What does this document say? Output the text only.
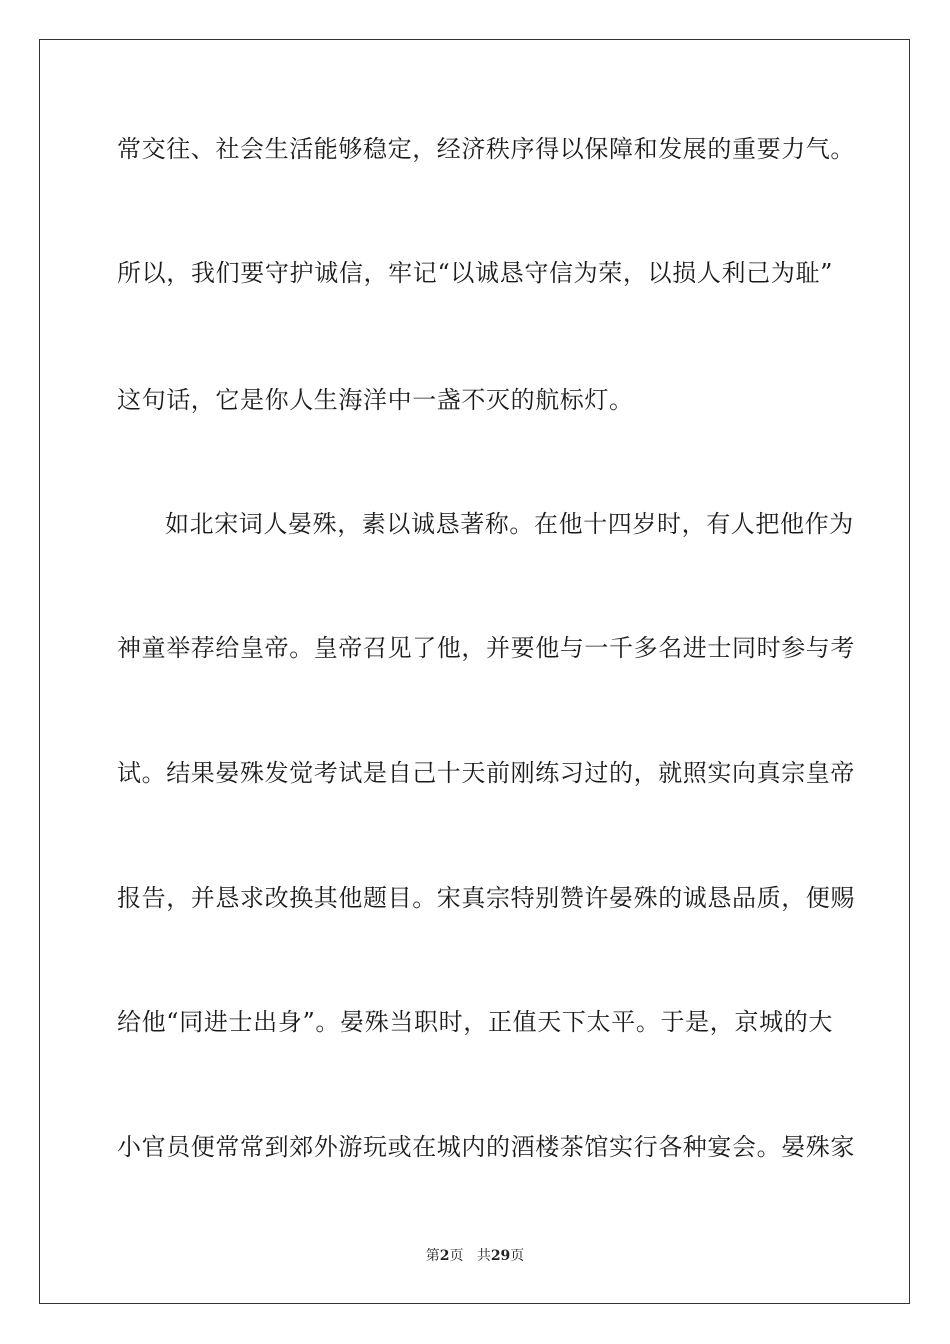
常交往、社会生活能够稳定，经济秩序得以保障和发展的重要力气。
所以，我们要守护诚信，牢记“以诚恳守信为荣，以损人利己为耻”
这句话，它是你人生海洋中一盏不灭的航标灯。
如北宋词人晏殊，素以诚恳著称。在他十四岁时，有人把他作为
神童举荐给皇帝。皇帝召见了他，并要他与一千多名进士同时参与考
试。结果晏殊发觉考试是自己十天前刚练习过的，就照实向真宗皇帝
报告，并恳求改换其他题目。宋真宗特别赞许晏殊的诚恳品质，便赐
给他“同进士出身”。晏殊当职时，正值天下太平。于是，京城的大
小官员便常常到郊外游玩或在城内的酒楼茶馆实行各种宴会。晏殊家
第2页 共29页
